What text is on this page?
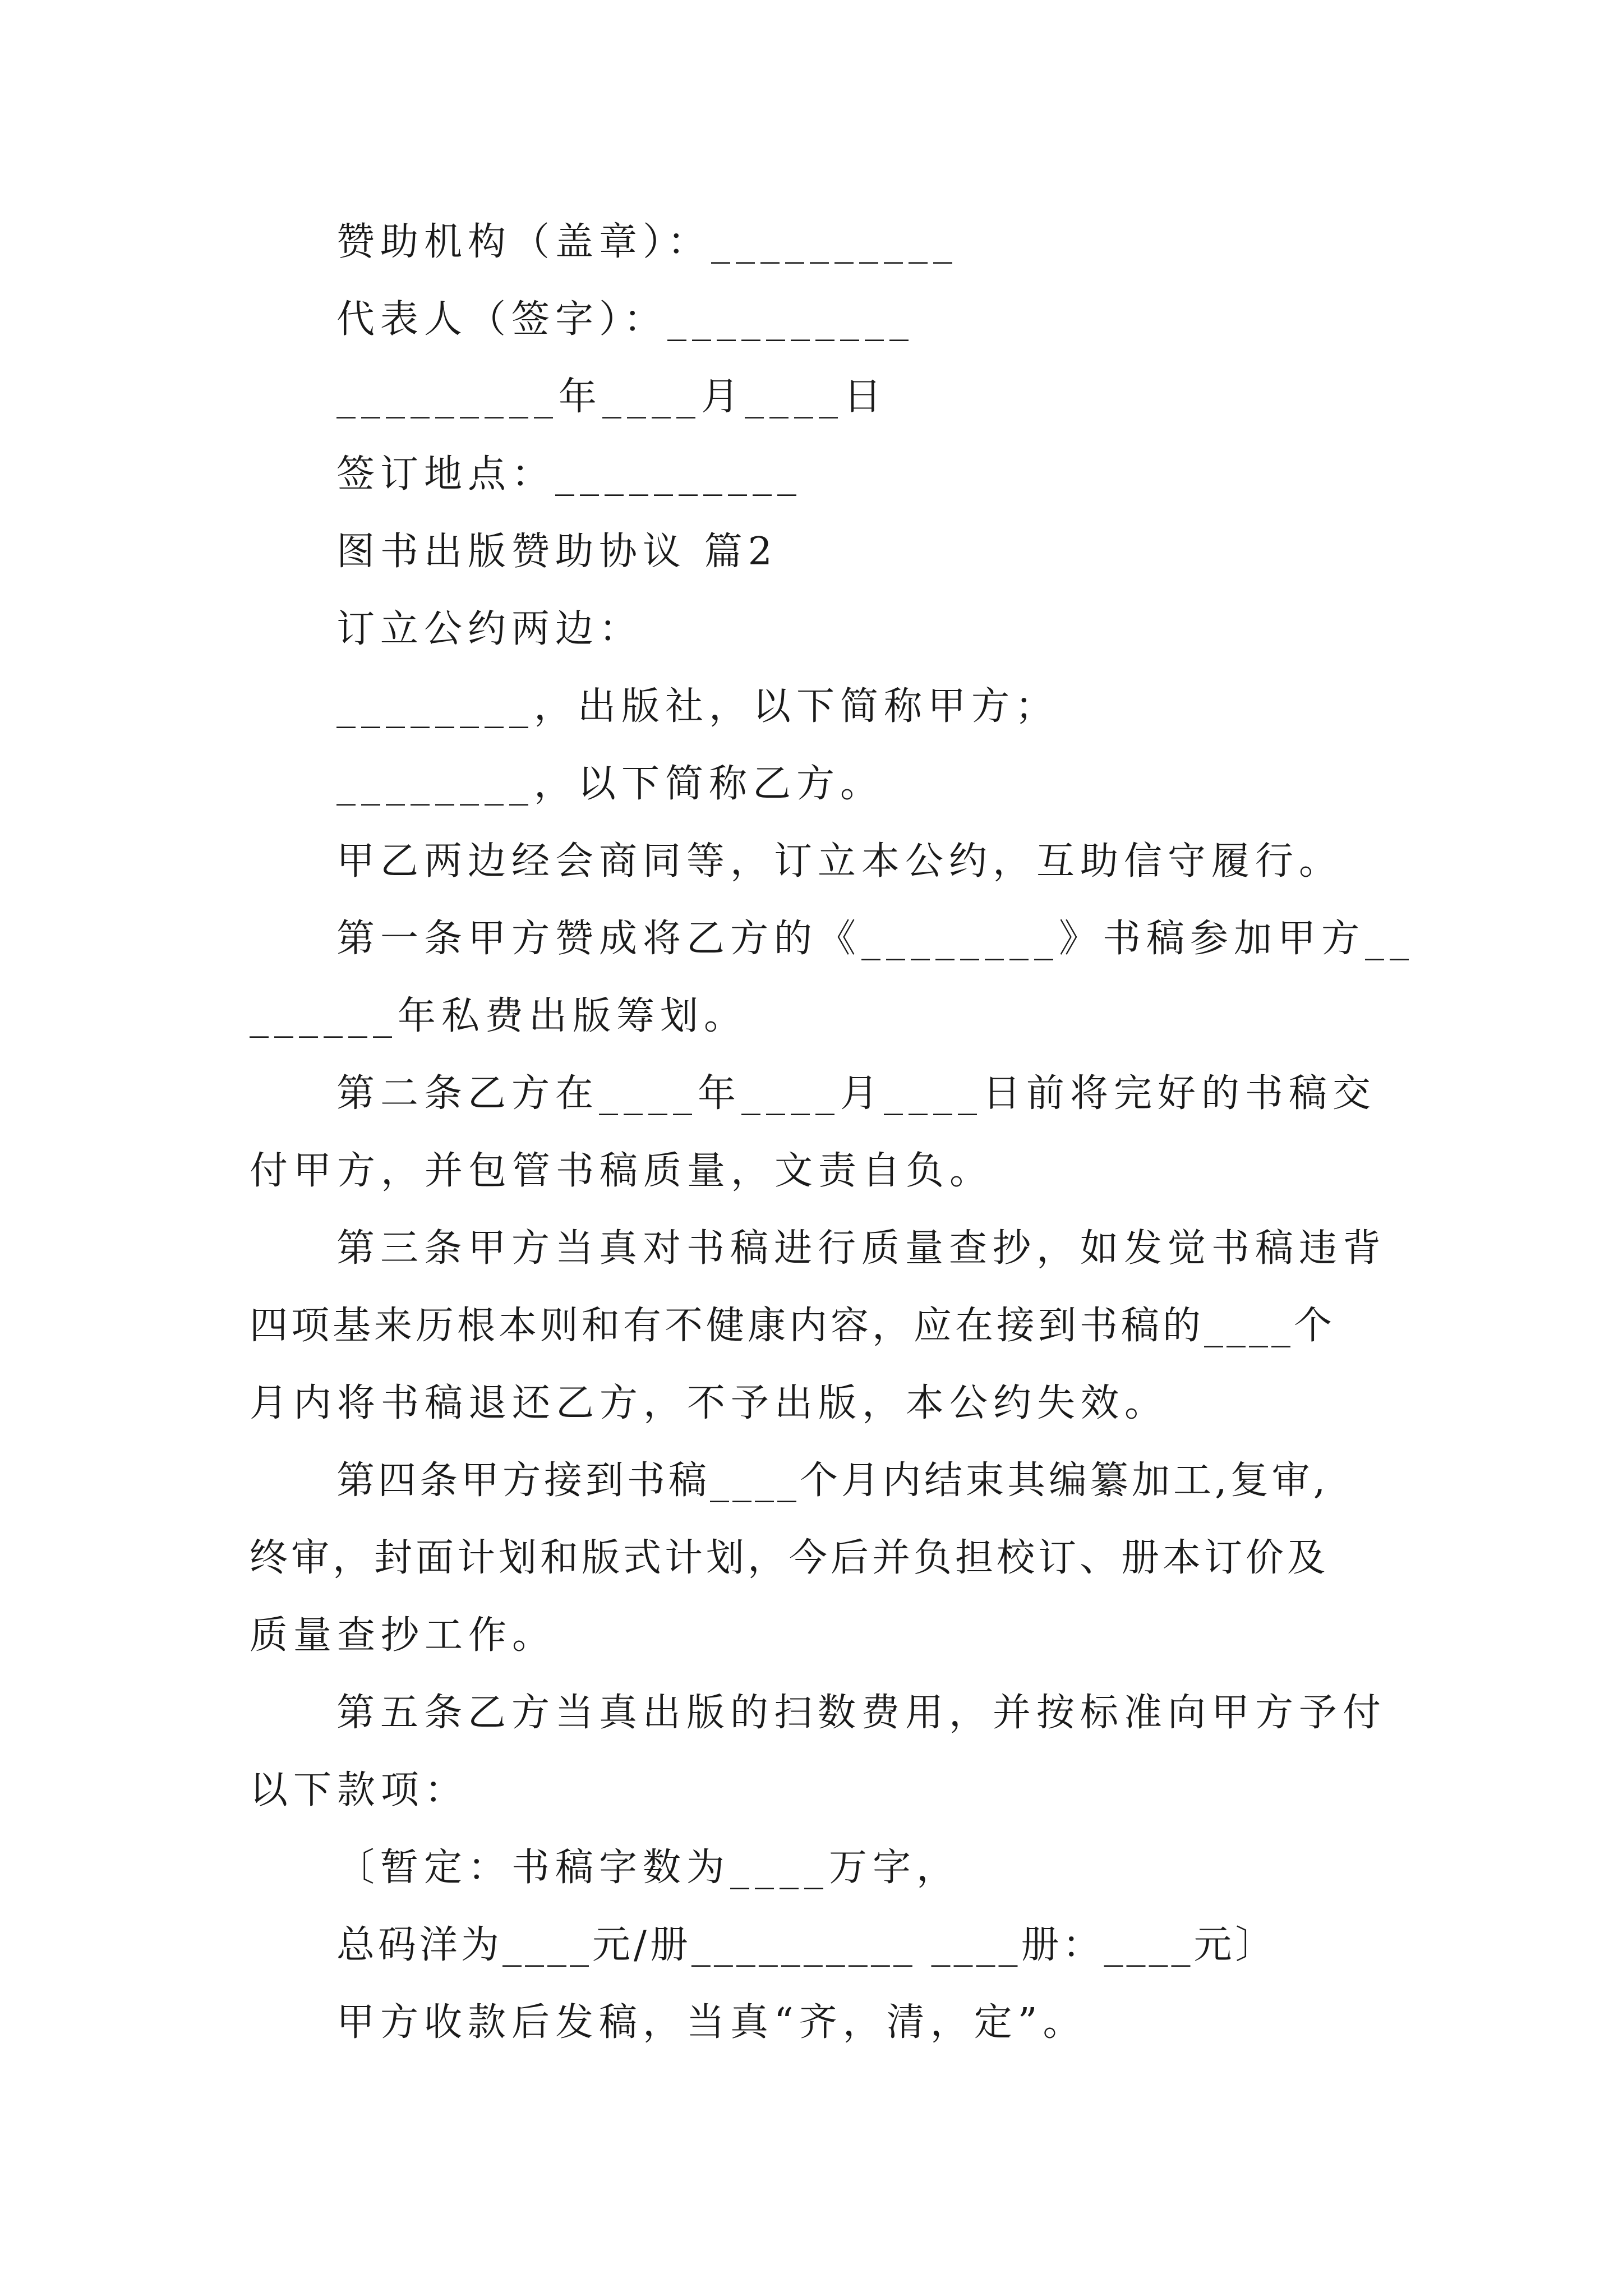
赞助机构（盖章）：__________
代表人（签字）：__________
_________年____月____日
签订地点：__________
图书出版赞助协议 篇2
订立公约两边：
________，出版社，以下简称甲方；
________，以下简称乙方。
甲乙两边经会商同等，订立本公约，互助信守履行。
第一条甲方赞成将乙方的《________》书稿参加甲方__
______年私费出版筹划。
第二条乙方在____年____月____日前将完好的书稿交
付甲方，并包管书稿质量，文责自负。
第三条甲方当真对书稿进行质量查抄，如发觉书稿违背
四项基来历根本则和有不健康内容，应在接到书稿的____个
月内将书稿退还乙方，不予出版，本公约失效。
第四条甲方接到书稿____个月内结束其编纂加工,复审,
终审，封面计划和版式计划，今后并负担校订、册本订价及
质量查抄工作。
第五条乙方当真出版的扫数费用，并按标准向甲方予付
以下款项：
〔暂定：书稿字数为____万字，
总码洋为____元/册__________ ____册：____元〕
甲方收款后发稿，当真“齐，清，定”。
